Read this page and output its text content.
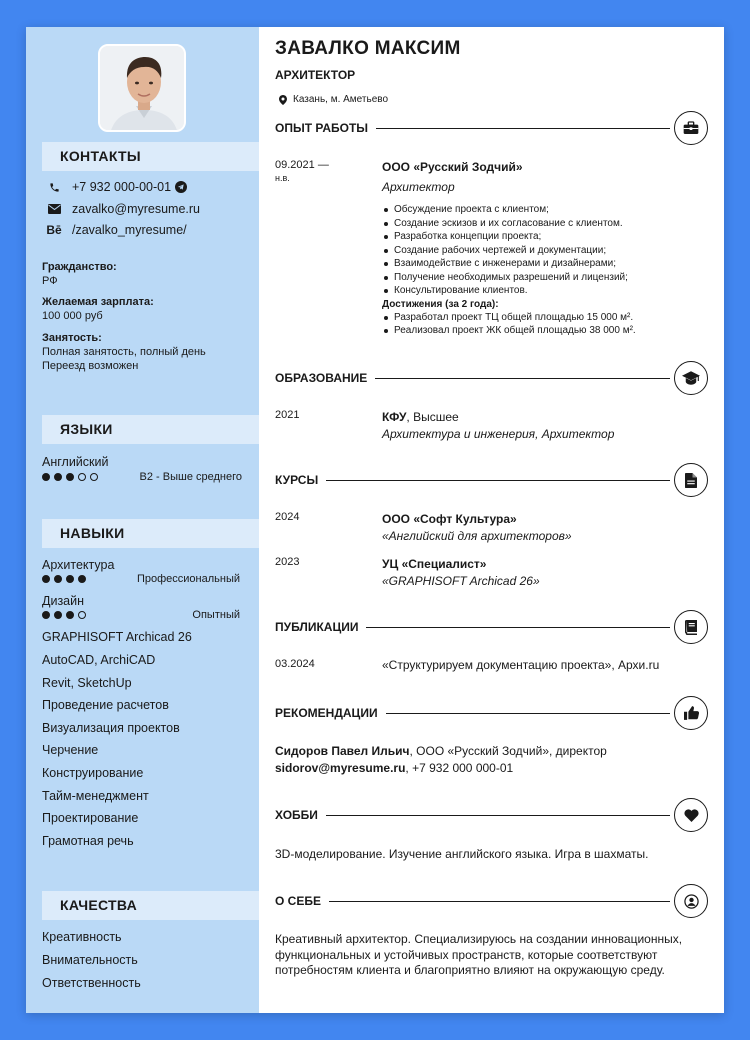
КОНТАКТЫ
+7 932 000-00-01
zavalko@myresume.ru
Bē /zavalko_myresume/
Гражданство:
РФ
Желаемая зарплата:
100 000 руб
Занятость:
Полная занятость, полный день
Переезд возможен
ЯЗЫКИ
Английский
B2 - Выше среднего
НАВЫКИ
Архитектура
Профессиональный
Дизайн
Опытный
GRAPHISOFT Archicad 26
AutoCAD, ArchiCAD
Revit, SketchUp
Проведение расчетов
Визуализация проектов
Черчение
Конструирование
Тайм-менеджмент
Проектирование
Грамотная речь
КАЧЕСТВА
Креативность
Внимательность
Ответственность
ЗАВАЛКО МАКСИМ
АРХИТЕКТОР
Казань, м. Аметьево
ОПЫТ РАБОТЫ
09.2021 —
н.в.
ООО «Русский Зодчий»
Архитектор
Обсуждение проекта с клиентом;
Создание эскизов и их согласование с клиентом.
Разработка концепции проекта;
Создание рабочих чертежей и документации;
Взаимодействие с инженерами и дизайнерами;
Получение необходимых разрешений и лицензий;
Консультирование клиентов.
Достижения (за 2 года):
Разработал проект ТЦ общей площадью 15 000 м².
Реализовал проект ЖК общей площадью 38 000 м².
ОБРАЗОВАНИЕ
2021	КФУ, Высшее
Архитектура и инженерия, Архитектор
КУРСЫ
2024	ООО «Софт Культура»
«Английский для архитекторов»
2023	УЦ «Специалист»
«GRAPHISOFT Archicad 26»
ПУБЛИКАЦИИ
03.2024	«Структурируем документацию проекта», Архи.ru
РЕКОМЕНДАЦИИ
Сидоров Павел Ильич, ООО «Русский Зодчий», директор
sidorov@myresume.ru, +7 932 000 000-01
ХОББИ
3D-моделирование. Изучение английского языка. Игра в шахматы.
О СЕБЕ
Креативный архитектор. Специализируюсь на создании инновационных, функциональных и устойчивых пространств, которые соответствуют потребностям клиента и благоприятно влияют на окружающую среду.
